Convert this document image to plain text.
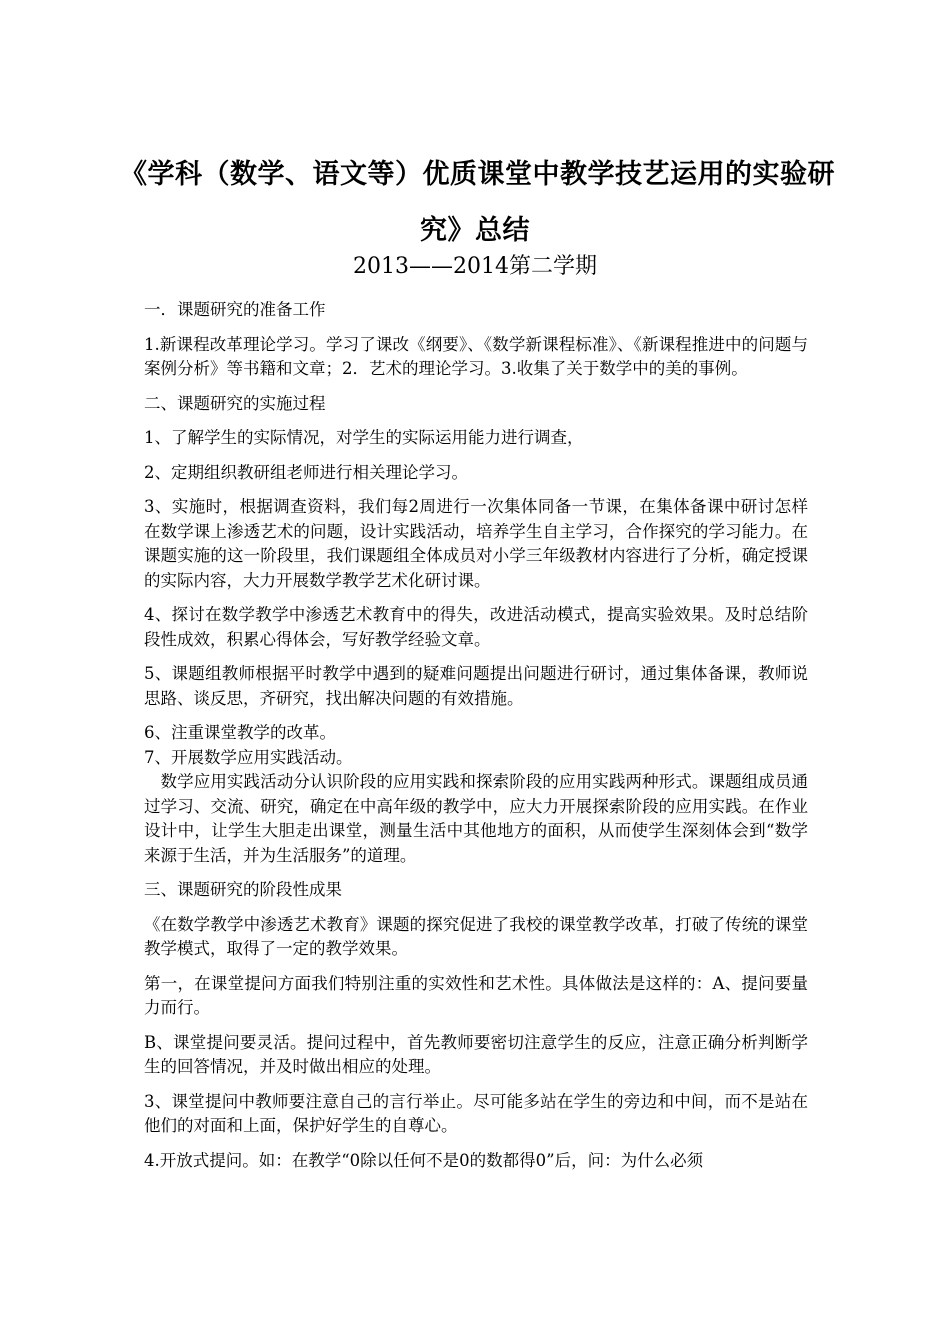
《学科（数学、语文等）优质课堂中教学技艺运用的实验研
究》总结
2013——2014第二学期

一．课题研究的准备工作

1.新课程改革理论学习。学习了课改《纲要》、《数学新课程标准》、《新课程推进中的问题与案例分析》等书籍和文章；2．艺术的理论学习。3.收集了关于数学中的美的事例。

二、课题研究的实施过程

1、了解学生的实际情况，对学生的实际运用能力进行调查，

2、定期组织教研组老师进行相关理论学习。

3、实施时，根据调查资料，我们每2周进行一次集体同备一节课，在集体备课中研讨怎样在数学课上渗透艺术的问题，设计实践活动，培养学生自主学习，合作探究的学习能力。在课题实施的这一阶段里，我们课题组全体成员对小学三年级教材内容进行了分析，确定授课的实际内容，大力开展数学教学艺术化研讨课。

4、探讨在数学教学中渗透艺术教育中的得失，改进活动模式，提高实验效果。及时总结阶段性成效，积累心得体会，写好教学经验文章。

5、课题组教师根据平时教学中遇到的疑难问题提出问题进行研讨，通过集体备课，教师说思路、谈反思，齐研究，找出解决问题的有效措施。

6、注重课堂教学的改革。

7、开展数学应用实践活动。

数学应用实践活动分认识阶段的应用实践和探索阶段的应用实践两种形式。课题组成员通过学习、交流、研究，确定在中高年级的教学中，应大力开展探索阶段的应用实践。在作业设计中，让学生大胆走出课堂，测量生活中其他地方的面积，从而使学生深刻体会到“数学来源于生活，并为生活服务”的道理。

三、课题研究的阶段性成果

《在数学教学中渗透艺术教育》课题的探究促进了我校的课堂教学改革，打破了传统的课堂教学模式，取得了一定的教学效果。

第一，在课堂提问方面我们特别注重的实效性和艺术性。具体做法是这样的：A、提问要量力而行。

B、课堂提问要灵活。提问过程中，首先教师要密切注意学生的反应，注意正确分析判断学生的回答情况，并及时做出相应的处理。

3、课堂提问中教师要注意自己的言行举止。尽可能多站在学生的旁边和中间，而不是站在他们的对面和上面，保护好学生的自尊心。

4.开放式提问。如：在教学“0除以任何不是0的数都得0”后，问：为什么必须
